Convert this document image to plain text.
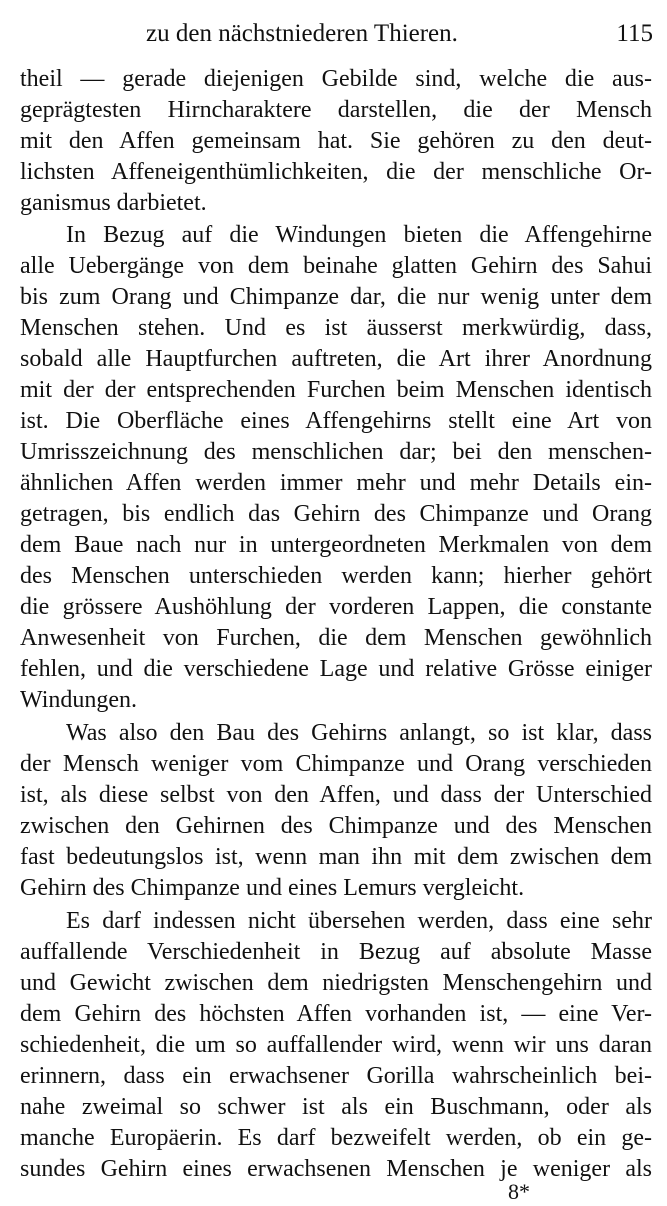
zu den nächstniederen Thieren.	115
theil — gerade diejenigen Gebilde sind, welche die aus-
geprägtesten Hirncharaktere darstellen, die der Mensch
mit den Affen gemeinsam hat. Sie gehören zu den deut-
lichsten Affeneigenthümlichkeiten, die der menschliche Or-
ganismus darbietet.
In Bezug auf die Windungen bieten die Affengehirne
alle Uebergänge von dem beinahe glatten Gehirn des Sahui
bis zum Orang und Chimpanze dar, die nur wenig unter dem
Menschen stehen. Und es ist äusserst merkwürdig, dass,
sobald alle Hauptfurchen auftreten, die Art ihrer Anordnung
mit der der entsprechenden Furchen beim Menschen identisch
ist. Die Oberfläche eines Affengehirns stellt eine Art von
Umrisszeichnung des menschlichen dar; bei den menschen-
ähnlichen Affen werden immer mehr und mehr Details ein-
getragen, bis endlich das Gehirn des Chimpanze und Orang
dem Baue nach nur in untergeordneten Merkmalen von dem
des Menschen unterschieden werden kann; hierher gehört
die grössere Aushöhlung der vorderen Lappen, die constante
Anwesenheit von Furchen, die dem Menschen gewöhnlich
fehlen, und die verschiedene Lage und relative Grösse einiger
Windungen.
Was also den Bau des Gehirns anlangt, so ist klar, dass
der Mensch weniger vom Chimpanze und Orang verschieden
ist, als diese selbst von den Affen, und dass der Unterschied
zwischen den Gehirnen des Chimpanze und des Menschen
fast bedeutungslos ist, wenn man ihn mit dem zwischen dem
Gehirn des Chimpanze und eines Lemurs vergleicht.
Es darf indessen nicht übersehen werden, dass eine sehr
auffallende Verschiedenheit in Bezug auf absolute Masse
und Gewicht zwischen dem niedrigsten Menschengehirn und
dem Gehirn des höchsten Affen vorhanden ist, — eine Ver-
schiedenheit, die um so auffallender wird, wenn wir uns daran
erinnern, dass ein erwachsener Gorilla wahrscheinlich bei-
nahe zweimal so schwer ist als ein Buschmann, oder als
manche Europäerin. Es darf bezweifelt werden, ob ein ge-
sundes Gehirn eines erwachsenen Menschen je weniger als
8*
